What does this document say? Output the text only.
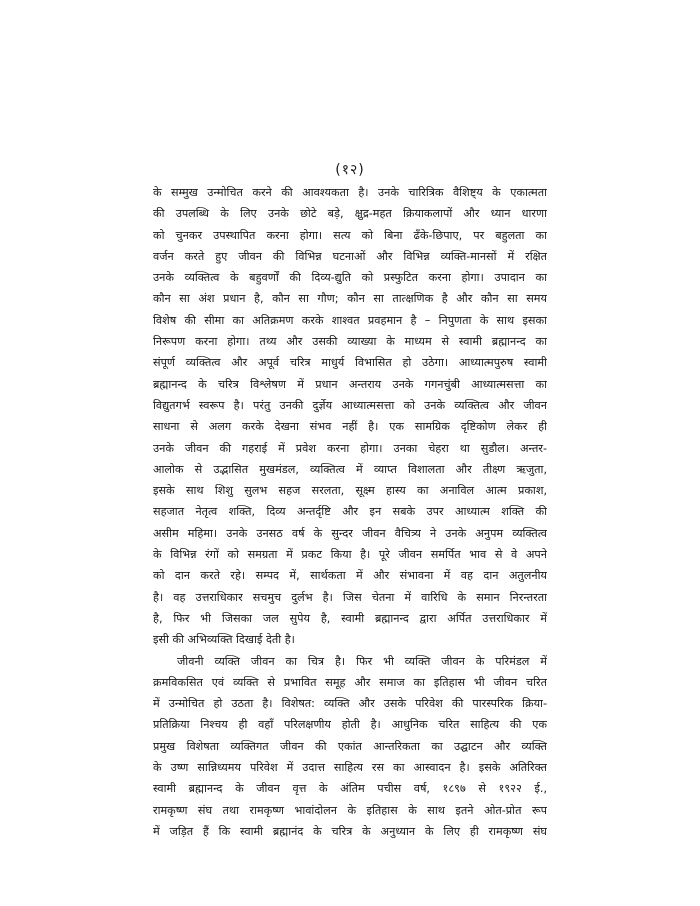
(१२)
के सम्मुख उन्मोचित करने की आवश्यकता है। उनके चारित्रिक वैशिष्ट्य के एकात्मता
की उपलब्धि के लिए उनके छोटे बड़े, क्षुद्र-महत क्रियाकलापों और ध्यान धारणा
को चुनकर उपस्थापित करना होगा। सत्य को बिना ढँके-छिपाए, पर बहुलता का
वर्जन करते हुए जीवन की विभिन्न घटनाओं और विभिन्न व्यक्ति-मानसों में रक्षित
उनके व्यक्तित्व के बहुवर्णों की दिव्य-द्युति को प्रस्फुटित करना होगा। उपादान का
कौन सा अंश प्रधान है, कौन सा गौण; कौन सा तात्क्षणिक है और कौन सा समय
विशेष की सीमा का अतिक्रमण करके शाश्वत प्रवहमान है – निपुणता के साथ इसका
निरूपण करना होगा। तथ्य और उसकी व्याख्या के माध्यम से स्वामी ब्रह्मानन्द का
संपूर्ण व्यक्तित्व और अपूर्व चरित्र माधुर्य विभासित हो उठेगा। आध्यात्मपुरुष स्वामी
ब्रह्मानन्द के चरित्र विश्लेषण में प्रधान अन्तराय उनके गगनचुंबी आध्यात्मसत्ता का
विद्युतगर्भ स्वरूप है। परंतु उनकी दुर्ज्ञेय आध्यात्मसत्ता को उनके व्यक्तित्व और जीवन
साधना से अलग करके देखना संभव नहीं है। एक सामग्रिक दृष्टिकोण लेकर ही
उनके जीवन की गहराई में प्रवेश करना होगा। उनका चेहरा था सुडौल। अन्तर-
आलोक से उद्भासित मुखमंडल, व्यक्तित्व में व्याप्त विशालता और तीक्ष्ण ऋजुता,
इसके साथ शिशु सुलभ सहज सरलता, सूक्ष्म हास्य का अनाविल आत्म प्रकाश,
सहजात नेतृत्व शक्ति, दिव्य अन्तर्दृष्टि और इन सबके उपर आध्यात्म शक्ति की
असीम महिमा। उनके उनसठ वर्ष के सुन्दर जीवन वैचित्र्य ने उनके अनुपम व्यक्तित्व
के विभिन्न रंगों को समग्रता में प्रकट किया है। पूरे जीवन समर्पित भाव से वे अपने
को दान करते रहे। सम्पद में, सार्थकता में और संभावना में वह दान अतुलनीय
है। वह उत्तराधिकार सचमुच दुर्लभ है। जिस चेतना में वारिधि के समान निरन्तरता
है, फिर भी जिसका जल सुपेय है, स्वामी ब्रह्मानन्द द्वारा अर्पित उत्तराधिकार में
इसी की अभिव्यक्ति दिखाई देती है।
जीवनी व्यक्ति जीवन का चित्र है। फिर भी व्यक्ति जीवन के परिमंडल में
क्रमविकसित एवं व्यक्ति से प्रभावित समूह और समाज का इतिहास भी जीवन चरित
में उन्मोचित हो उठता है। विशेषत: व्यक्ति और उसके परिवेश की पारस्परिक क्रिया-
प्रतिक्रिया निश्चय ही वहाँ परिलक्षणीय होती है। आधुनिक चरित साहित्य की एक
प्रमुख विशेषता व्यक्तिगत जीवन की एकांत आन्तरिकता का उद्घाटन और व्यक्ति
के उष्ण सान्निध्यमय परिवेश में उदात्त साहित्य रस का आस्वादन है। इसके अतिरिक्त
स्वामी ब्रह्मानन्द के जीवन वृत्त के अंतिम पचीस वर्ष, १८९७ से १९२२ ई.,
रामकृष्ण संघ तथा रामकृष्ण भावांदोलन के इतिहास के साथ इतने ओत-प्रोत रूप
में जड़ित हैं कि स्वामी ब्रह्मानंद के चरित्र के अनुध्यान के लिए ही रामकृष्ण संघ
